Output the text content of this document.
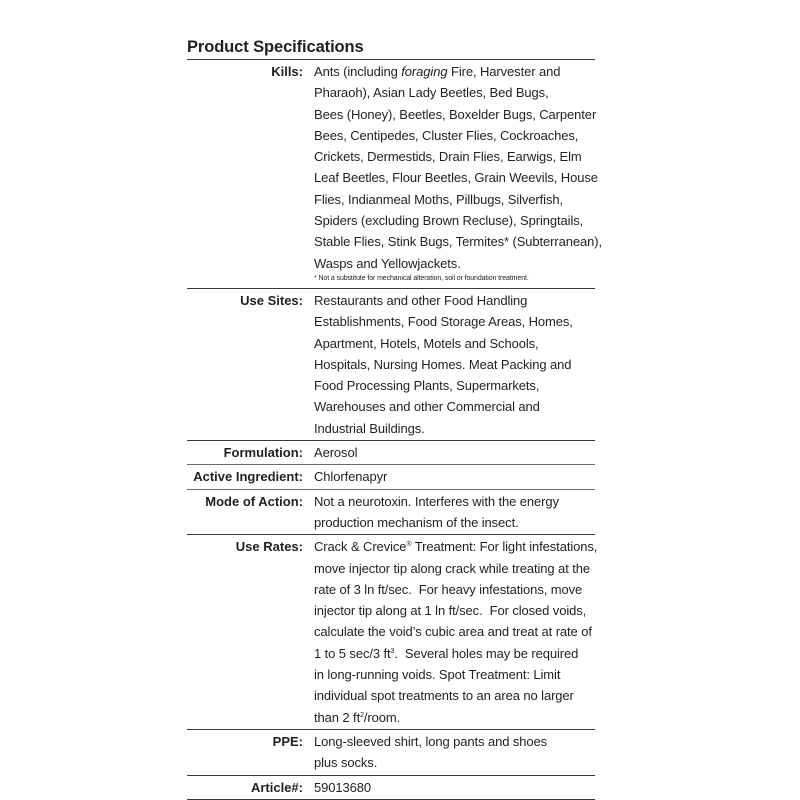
Product Specifications
Kills: Ants (including foraging Fire, Harvester and
Pharaoh), Asian Lady Beetles, Bed Bugs,
Bees (Honey), Beetles, Boxelder Bugs, Carpenter
Bees, Centipedes, Cluster Flies, Cockroaches,
Crickets, Dermestids, Drain Flies, Earwigs, Elm
Leaf Beetles, Flour Beetles, Grain Weevils, House
Flies, Indianmeal Moths, Pillbugs, Silverfish,
Spiders (excluding Brown Recluse), Springtails,
Stable Flies, Stink Bugs, Termites* (Subterranean),
Wasps and Yellowjackets.
* Not a substitute for mechanical alteration, soil or foundation treatment.
Use Sites: Restaurants and other Food Handling
Establishments, Food Storage Areas, Homes,
Apartment, Hotels, Motels and Schools,
Hospitals, Nursing Homes. Meat Packing and
Food Processing Plants, Supermarkets,
Warehouses and other Commercial and
Industrial Buildings.
Formulation: Aerosol
Active Ingredient: Chlorfenapyr
Mode of Action: Not a neurotoxin. Interferes with the energy
production mechanism of the insect.
Use Rates: Crack & Crevice® Treatment: For light infestations,
move injector tip along crack while treating at the
rate of 3 ln ft/sec.  For heavy infestations, move
injector tip along at 1 ln ft/sec.  For closed voids,
calculate the void’s cubic area and treat at rate of
1 to 5 sec/3 $ft^3$.  Several holes may be required
in long-running voids. Spot Treatment: Limit
individual spot treatments to an area no larger
than 2 $ft^2$/room.
PPE: Long-sleeved shirt, long pants and shoes
plus socks.
Article#: 59013680
